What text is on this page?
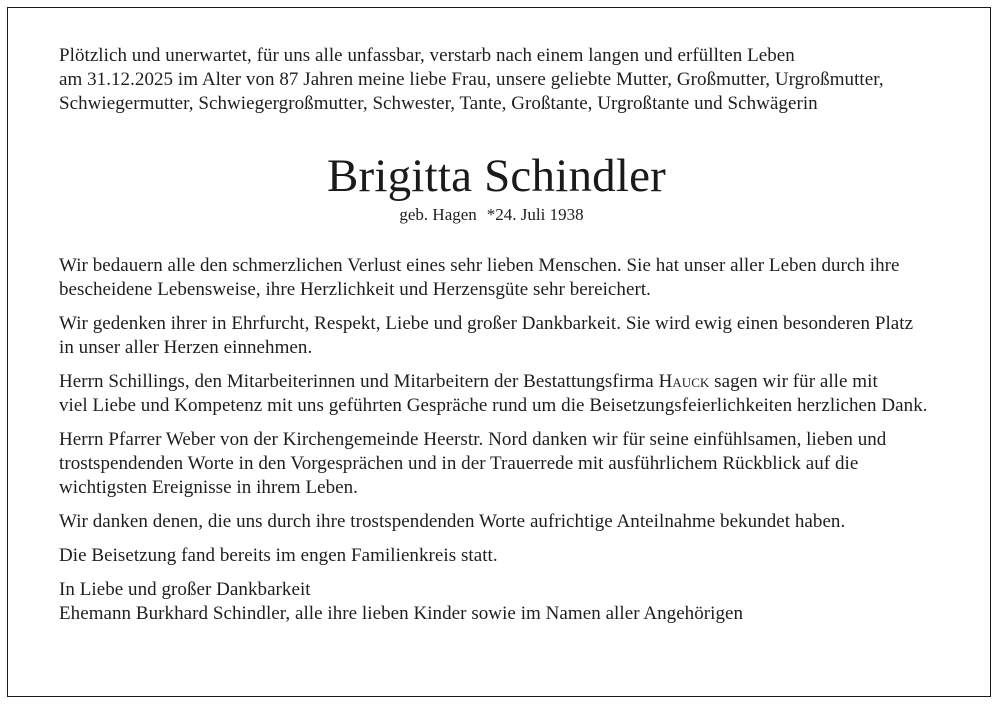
Plötzlich und unerwartet, für uns alle unfassbar, verstarb nach einem langen und erfüllten Leben

am 31.12.2025 im Alter von 87 Jahren meine liebe Frau, unsere geliebte Mutter, Großmutter, Urgroßmutter,

Schwiegermutter, Schwiegergroßmutter, Schwester, Tante, Großtante, Urgroßtante und Schwägerin

Brigitta Schindler
geb. Hagen *24. Juli 1938

Wir bedauern alle den schmerzlichen Verlust eines sehr lieben Menschen. Sie hat unser aller Leben durch ihre

bescheidene Lebensweise, ihre Herzlichkeit und Herzensgüte sehr bereichert.

Wir gedenken ihrer in Ehrfurcht, Respekt, Liebe und großer Dankbarkeit. Sie wird ewig einen besonderen Platz

in unser aller Herzen einnehmen.

Herrn Schillings, den Mitarbeiterinnen und Mitarbeitern der Bestattungsfirma Hauck sagen wir für alle mit

viel Liebe und Kompetenz mit uns geführten Gespräche rund um die Beisetzungsfeierlichkeiten herzlichen Dank.

Herrn Pfarrer Weber von der Kirchengemeinde Heerstr. Nord danken wir für seine einfühlsamen, lieben und

trostspendenden Worte in den Vorgesprächen und in der Trauerrede mit ausführlichem Rückblick auf die

wichtigsten Ereignisse in ihrem Leben.

Wir danken denen, die uns durch ihre trostspendenden Worte aufrichtige Anteilnahme bekundet haben.

Die Beisetzung fand bereits im engen Familienkreis statt.

In Liebe und großer Dankbarkeit

Ehemann Burkhard Schindler, alle ihre lieben Kinder sowie im Namen aller Angehörigen
